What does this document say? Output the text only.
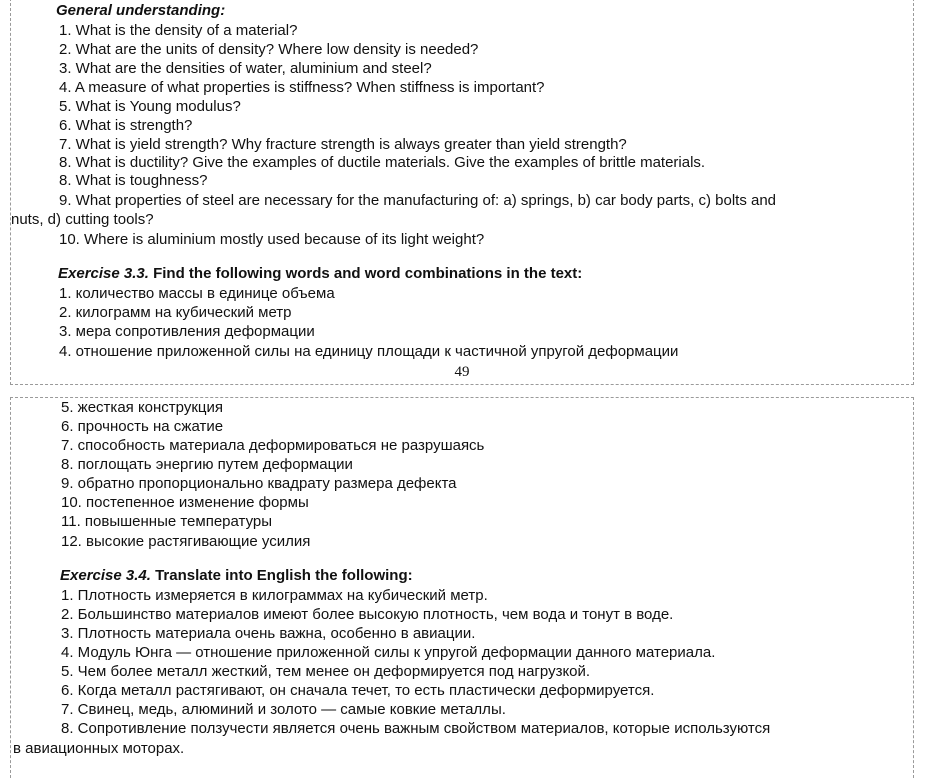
General understanding:
1. What is the density of a material?
2. What are the units of density? Where low density is needed?
3. What are the densities of water, aluminium and steel?
4. A measure of what properties is stiffness? When stiffness is important?
5. What is Young modulus?
6. What is strength?
7. What is yield strength? Why fracture strength is always greater than yield strength?
8. What is ductility? Give the examples of ductile materials. Give the examples of brittle materials.
8. What is toughness?
9. What properties of steel are necessary for the manufacturing of: a) springs, b) car body parts, c) bolts and
nuts, d) cutting tools?
10. Where is aluminium mostly used because of its light weight?
Exercise 3.3. Find the following words and word combinations in the text:
1. количество массы в единице объема
2. килограмм на кубический метр
3. мера сопротивления деформации
4. отношение приложенной силы на единицу площади к частичной упругой деформации
49
5. жесткая конструкция
6. прочность на сжатие
7. способность материала деформироваться не разрушаясь
8. поглощать энергию путем деформации
9. обратно пропорционально квадрату размера дефекта
10. постепенное изменение формы
11. повышенные температуры
12. высокие растягивающие усилия
Exercise 3.4. Translate into English the following:
1. Плотность измеряется в килограммах на кубический метр.
2. Большинство материалов имеют более высокую плотность, чем вода и тонут в воде.
3. Плотность материала очень важна, особенно в авиации.
4. Модуль Юнга — отношение приложенной силы к упругой деформации данного материала.
5. Чем более металл жесткий, тем менее он деформируется под нагрузкой.
6. Когда металл растягивают, он сначала течет, то есть пластически деформируется.
7. Свинец, медь, алюминий и золото — самые ковкие металлы.
8. Сопротивление ползучести является очень важным свойством материалов, которые используются
в авиационных моторах.
